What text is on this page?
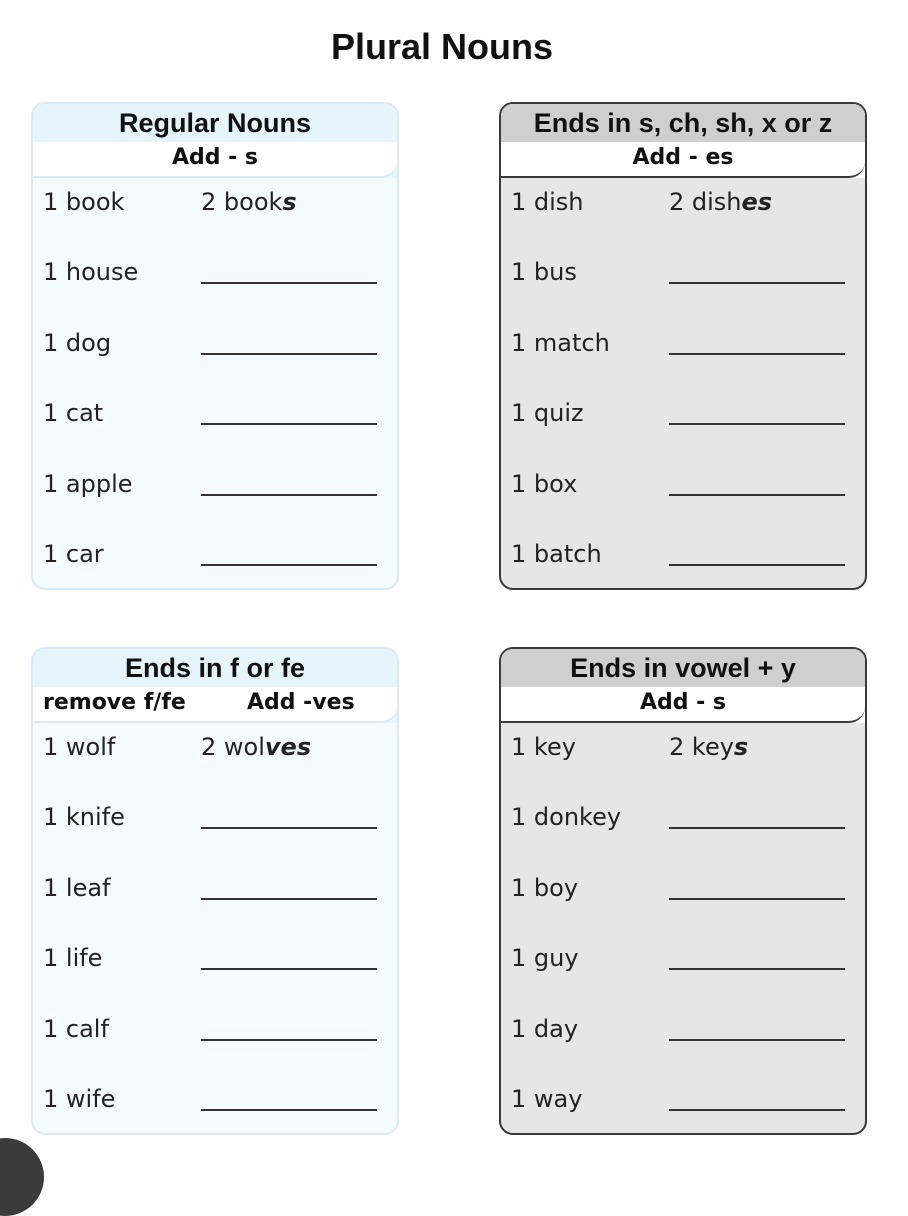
Plural Nouns
Regular Nouns
Add - s
1 book	2 books
1 house
1 dog
1 cat
1 apple
1 car
Ends in s, ch, sh, x or z
Add - es
1 dish	2 dishes
1 bus
1 match
1 quiz
1 box
1 batch
Ends in f or fe
remove f/fe	Add -ves
1 wolf	2 wolves
1 knife
1 leaf
1 life
1 calf
1 wife
Ends in vowel + y
Add - s
1 key	2 keys
1 donkey
1 boy
1 guy
1 day
1 way
